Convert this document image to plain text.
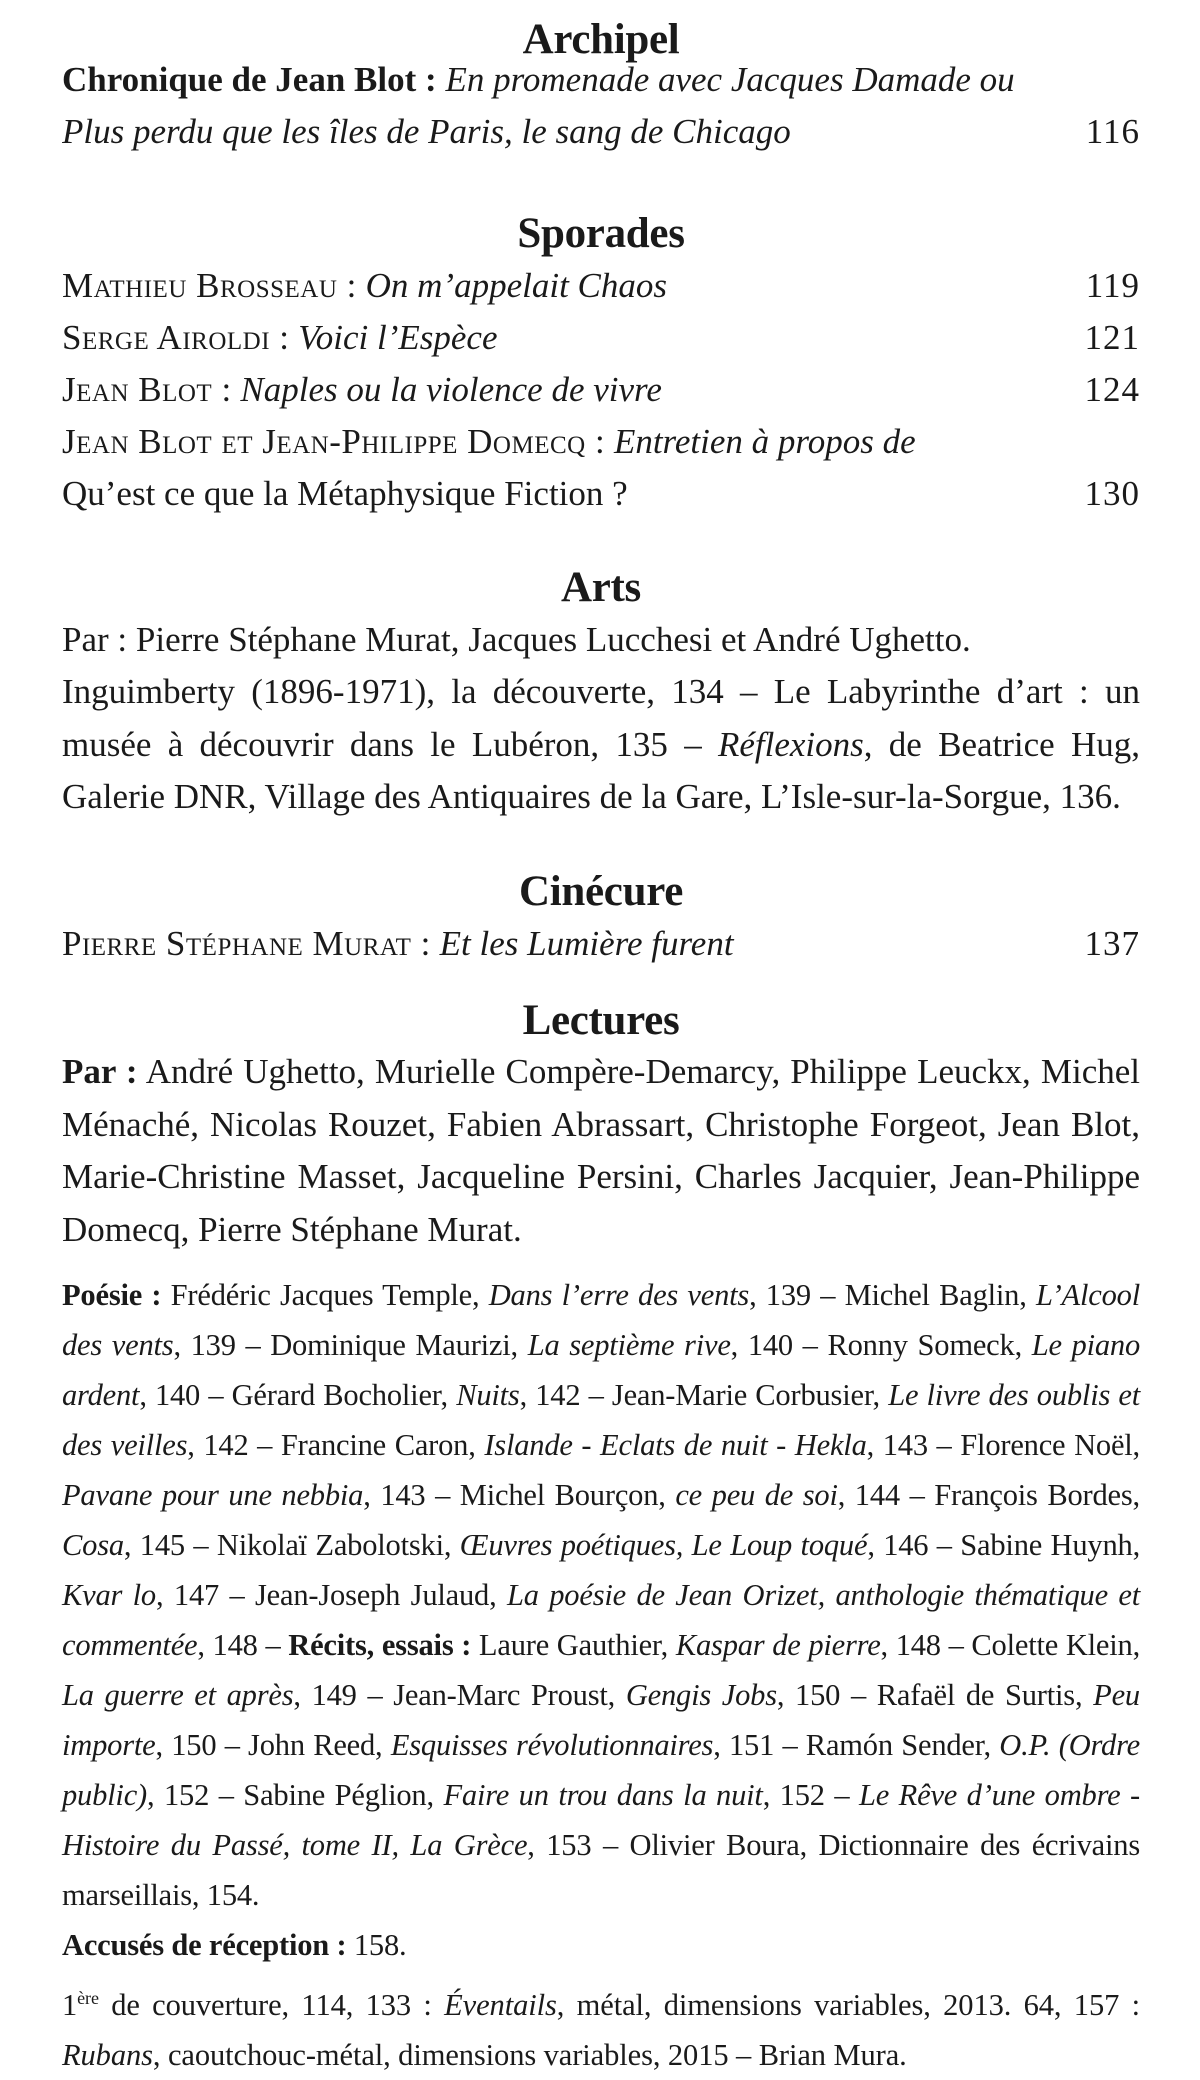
Archipel
Chronique de Jean Blot : En promenade avec Jacques Damade ou
Plus perdu que les îles de Paris, le sang de Chicago	116
Sporades
Mathieu Brosseau : On m’appelait Chaos	119
Serge Airoldi : Voici l’Espèce	121
Jean Blot : Naples ou la violence de vivre	124
Jean Blot et Jean-Philippe Domecq : Entretien à propos de
Qu’est ce que la Métaphysique Fiction ?	130
Arts
Par : Pierre Stéphane Murat, Jacques Lucchesi et André Ughetto.
Inguimberty (1896-1971), la découverte, 134 – Le Labyrinthe d’art : un musée à découvrir dans le Lubéron, 135 – Réflexions, de Beatrice Hug, Galerie DNR, Village des Antiquaires de la Gare, L’Isle-sur-la-Sorgue, 136.
Cinécure
Pierre Stéphane Murat : Et les Lumière furent	137
Lectures
Par : André Ughetto, Murielle Compère-Demarcy, Philippe Leuckx, Michel Ménaché, Nicolas Rouzet, Fabien Abrassart, Christophe Forgeot, Jean Blot, Marie-Christine Masset, Jacqueline Persini, Charles Jacquier, Jean-Philippe Domecq, Pierre Stéphane Murat.
Poésie : Frédéric Jacques Temple, Dans l’erre des vents, 139 – Michel Baglin, L’Alcool des vents, 139 – Dominique Maurizi, La septième rive, 140 – Ronny Someck, Le piano ardent, 140 – Gérard Bocholier, Nuits, 142 – Jean-Marie Corbusier, Le livre des oublis et des veilles, 142 – Francine Caron, Islande - Eclats de nuit - Hekla, 143 – Florence Noël, Pavane pour une nebbia, 143 – Michel Bourçon, ce peu de soi, 144 – François Bordes, Cosa, 145 – Nikolaï Zabolotski, Œuvres poétiques, Le Loup toqué, 146 – Sabine Huynh, Kvar lo, 147 – Jean-Joseph Julaud, La poésie de Jean Orizet, anthologie thématique et commentée, 148 – Récits, essais : Laure Gauthier, Kaspar de pierre, 148 – Colette Klein, La guerre et après, 149 – Jean-Marc Proust, Gengis Jobs, 150 – Rafaël de Surtis, Peu importe, 150 – John Reed, Esquisses révolutionnaires, 151 – Ramón Sender, O.P. (Ordre public), 152 – Sabine Péglion, Faire un trou dans la nuit, 152 – Le Rêve d’une ombre - Histoire du Passé, tome II, La Grèce, 153 – Olivier Boura, Dictionnaire des écrivains marseillais, 154.
Accusés de réception : 158.
1ère de couverture, 114, 133 : Éventails, métal, dimensions variables, 2013. 64, 157 : Rubans, caoutchouc-métal, dimensions variables, 2015 – Brian Mura.
